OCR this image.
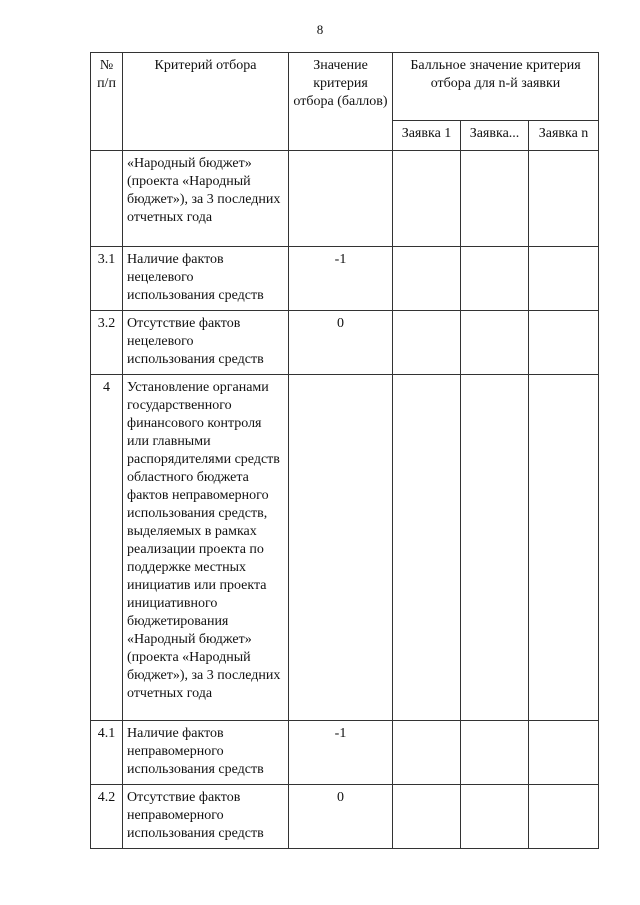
8
№ п/п	Критерий отбора	Значение критерия отбора (баллов)	Балльное значение критерия отбора для n-й заявки		
			Заявка 1	Заявка...	Заявка n
	«Народный бюджет» (проекта «Народный бюджет»), за 3 последних отчетных года				
3.1	Наличие фактов нецелевого использования средств	-1			
3.2	Отсутствие фактов нецелевого использования средств	0			
4	Установление органами государственного финансового контроля или главными распорядителями средств областного бюджета фактов неправомерного использования средств, выделяемых в рамках реализации проекта по поддержке местных инициатив или проекта инициативного бюджетирования «Народный бюджет» (проекта «Народный бюджет»), за 3 последних отчетных года				
4.1	Наличие фактов неправомерного использования средств	-1			
4.2	Отсутствие фактов неправомерного использования средств	0			
